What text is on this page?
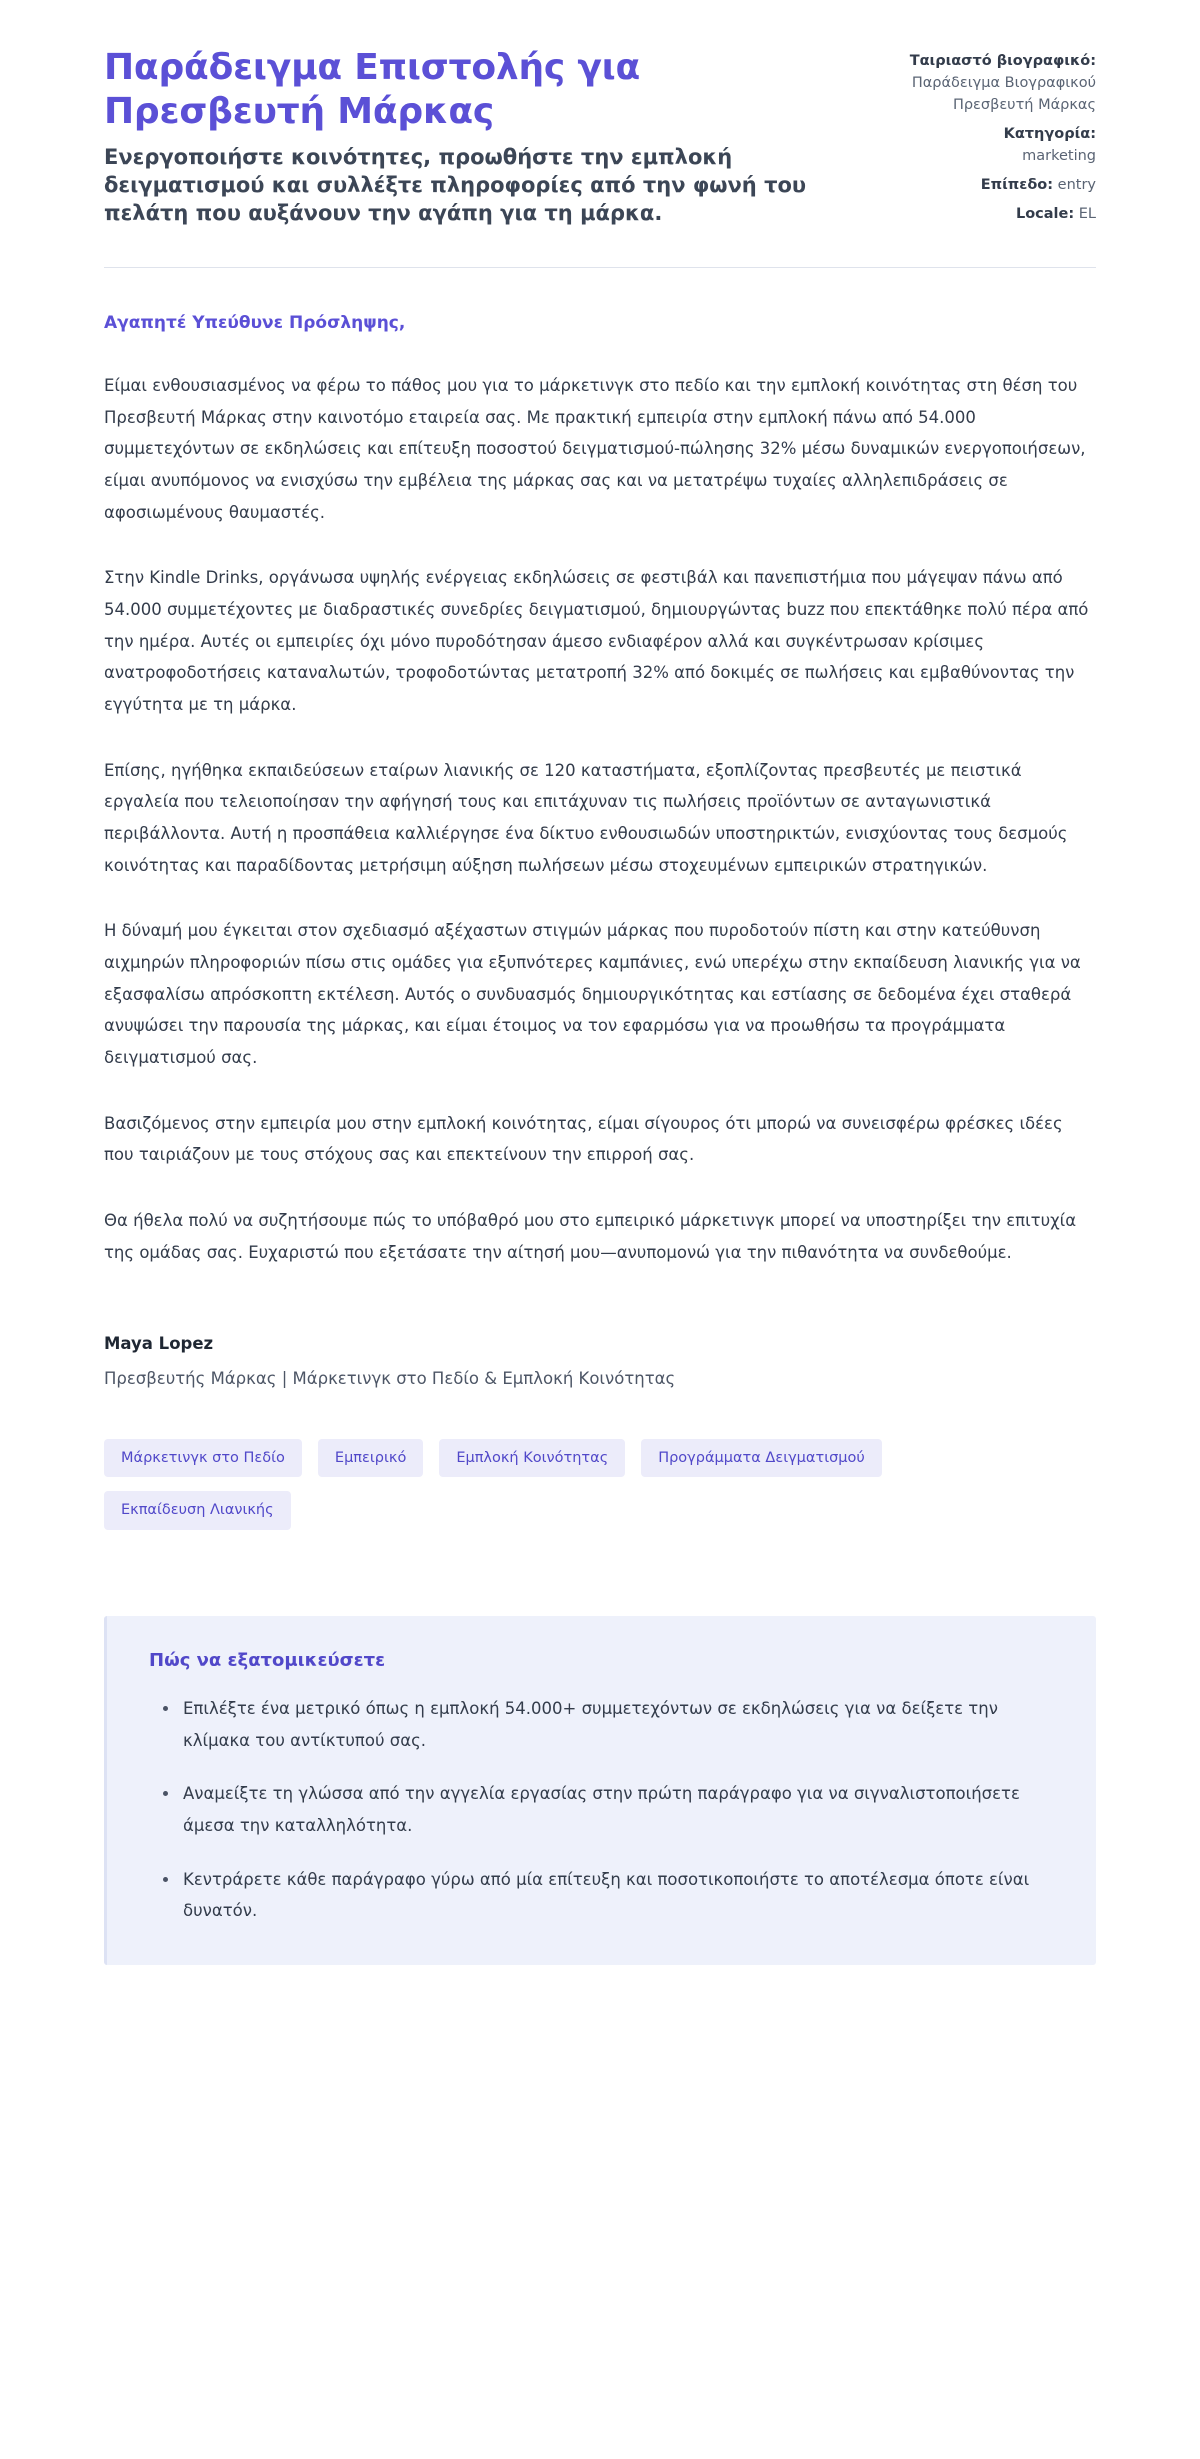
Παράδειγμα Επιστολής για Πρεσβευτή Μάρκας

Ενεργοποιήστε κοινότητες, προωθήστε την εμπλοκή δειγματισμού και συλλέξτε πληροφορίες από την φωνή του πελάτη που αυξάνουν την αγάπη για τη μάρκα.

Ταιριαστό βιογραφικό:
Παράδειγμα Βιογραφικού Πρεσβευτή Μάρκας
Κατηγορία:
marketing
Επίπεδο: entry
Locale: EL

Αγαπητέ Υπεύθυνε Πρόσληψης,

Είμαι ενθουσιασμένος να φέρω το πάθος μου για το μάρκετινγκ στο πεδίο και την εμπλοκή κοινότητας στη θέση του Πρεσβευτή Μάρκας στην καινοτόμο εταιρεία σας. Με πρακτική εμπειρία στην εμπλοκή πάνω από 54.000 συμμετεχόντων σε εκδηλώσεις και επίτευξη ποσοστού δειγματισμού-πώλησης 32% μέσω δυναμικών ενεργοποιήσεων, είμαι ανυπόμονος να ενισχύσω την εμβέλεια της μάρκας σας και να μετατρέψω τυχαίες αλληλεπιδράσεις σε αφοσιωμένους θαυμαστές.

Στην Kindle Drinks, οργάνωσα υψηλής ενέργειας εκδηλώσεις σε φεστιβάλ και πανεπιστήμια που μάγεψαν πάνω από 54.000 συμμετέχοντες με διαδραστικές συνεδρίες δειγματισμού, δημιουργώντας buzz που επεκτάθηκε πολύ πέρα από την ημέρα. Αυτές οι εμπειρίες όχι μόνο πυροδότησαν άμεσο ενδιαφέρον αλλά και συγκέντρωσαν κρίσιμες ανατροφοδοτήσεις καταναλωτών, τροφοδοτώντας μετατροπή 32% από δοκιμές σε πωλήσεις και εμβαθύνοντας την εγγύτητα με τη μάρκα.

Επίσης, ηγήθηκα εκπαιδεύσεων εταίρων λιανικής σε 120 καταστήματα, εξοπλίζοντας πρεσβευτές με πειστικά εργαλεία που τελειοποίησαν την αφήγησή τους και επιτάχυναν τις πωλήσεις προϊόντων σε ανταγωνιστικά περιβάλλοντα. Αυτή η προσπάθεια καλλιέργησε ένα δίκτυο ενθουσιωδών υποστηρικτών, ενισχύοντας τους δεσμούς κοινότητας και παραδίδοντας μετρήσιμη αύξηση πωλήσεων μέσω στοχευμένων εμπειρικών στρατηγικών.

Η δύναμή μου έγκειται στον σχεδιασμό αξέχαστων στιγμών μάρκας που πυροδοτούν πίστη και στην κατεύθυνση αιχμηρών πληροφοριών πίσω στις ομάδες για εξυπνότερες καμπάνιες, ενώ υπερέχω στην εκπαίδευση λιανικής για να εξασφαλίσω απρόσκοπτη εκτέλεση. Αυτός ο συνδυασμός δημιουργικότητας και εστίασης σε δεδομένα έχει σταθερά ανυψώσει την παρουσία της μάρκας, και είμαι έτοιμος να τον εφαρμόσω για να προωθήσω τα προγράμματα δειγματισμού σας.

Βασιζόμενος στην εμπειρία μου στην εμπλοκή κοινότητας, είμαι σίγουρος ότι μπορώ να συνεισφέρω φρέσκες ιδέες που ταιριάζουν με τους στόχους σας και επεκτείνουν την επιρροή σας.

Θα ήθελα πολύ να συζητήσουμε πώς το υπόβαθρό μου στο εμπειρικό μάρκετινγκ μπορεί να υποστηρίξει την επιτυχία της ομάδας σας. Ευχαριστώ που εξετάσατε την αίτησή μου—ανυπομονώ για την πιθανότητα να συνδεθούμε.

Maya Lopez

Πρεσβευτής Μάρκας | Μάρκετινγκ στο Πεδίο & Εμπλοκή Κοινότητας

Μάρκετινγκ στο Πεδίο	Εμπειρικό	Εμπλοκή Κοινότητας	Προγράμματα Δειγματισμού
Εκπαίδευση Λιανικής
Πώς να εξατομικεύσετε
Επιλέξτε ένα μετρικό όπως η εμπλοκή 54.000+ συμμετεχόντων σε εκδηλώσεις για να δείξετε την κλίμακα του αντίκτυπού σας.
Αναμείξτε τη γλώσσα από την αγγελία εργασίας στην πρώτη παράγραφο για να σιγναλιστοποιήσετε άμεσα την καταλληλότητα.
Κεντράρετε κάθε παράγραφο γύρω από μία επίτευξη και ποσοτικοποιήστε το αποτέλεσμα όποτε είναι δυνατόν.
